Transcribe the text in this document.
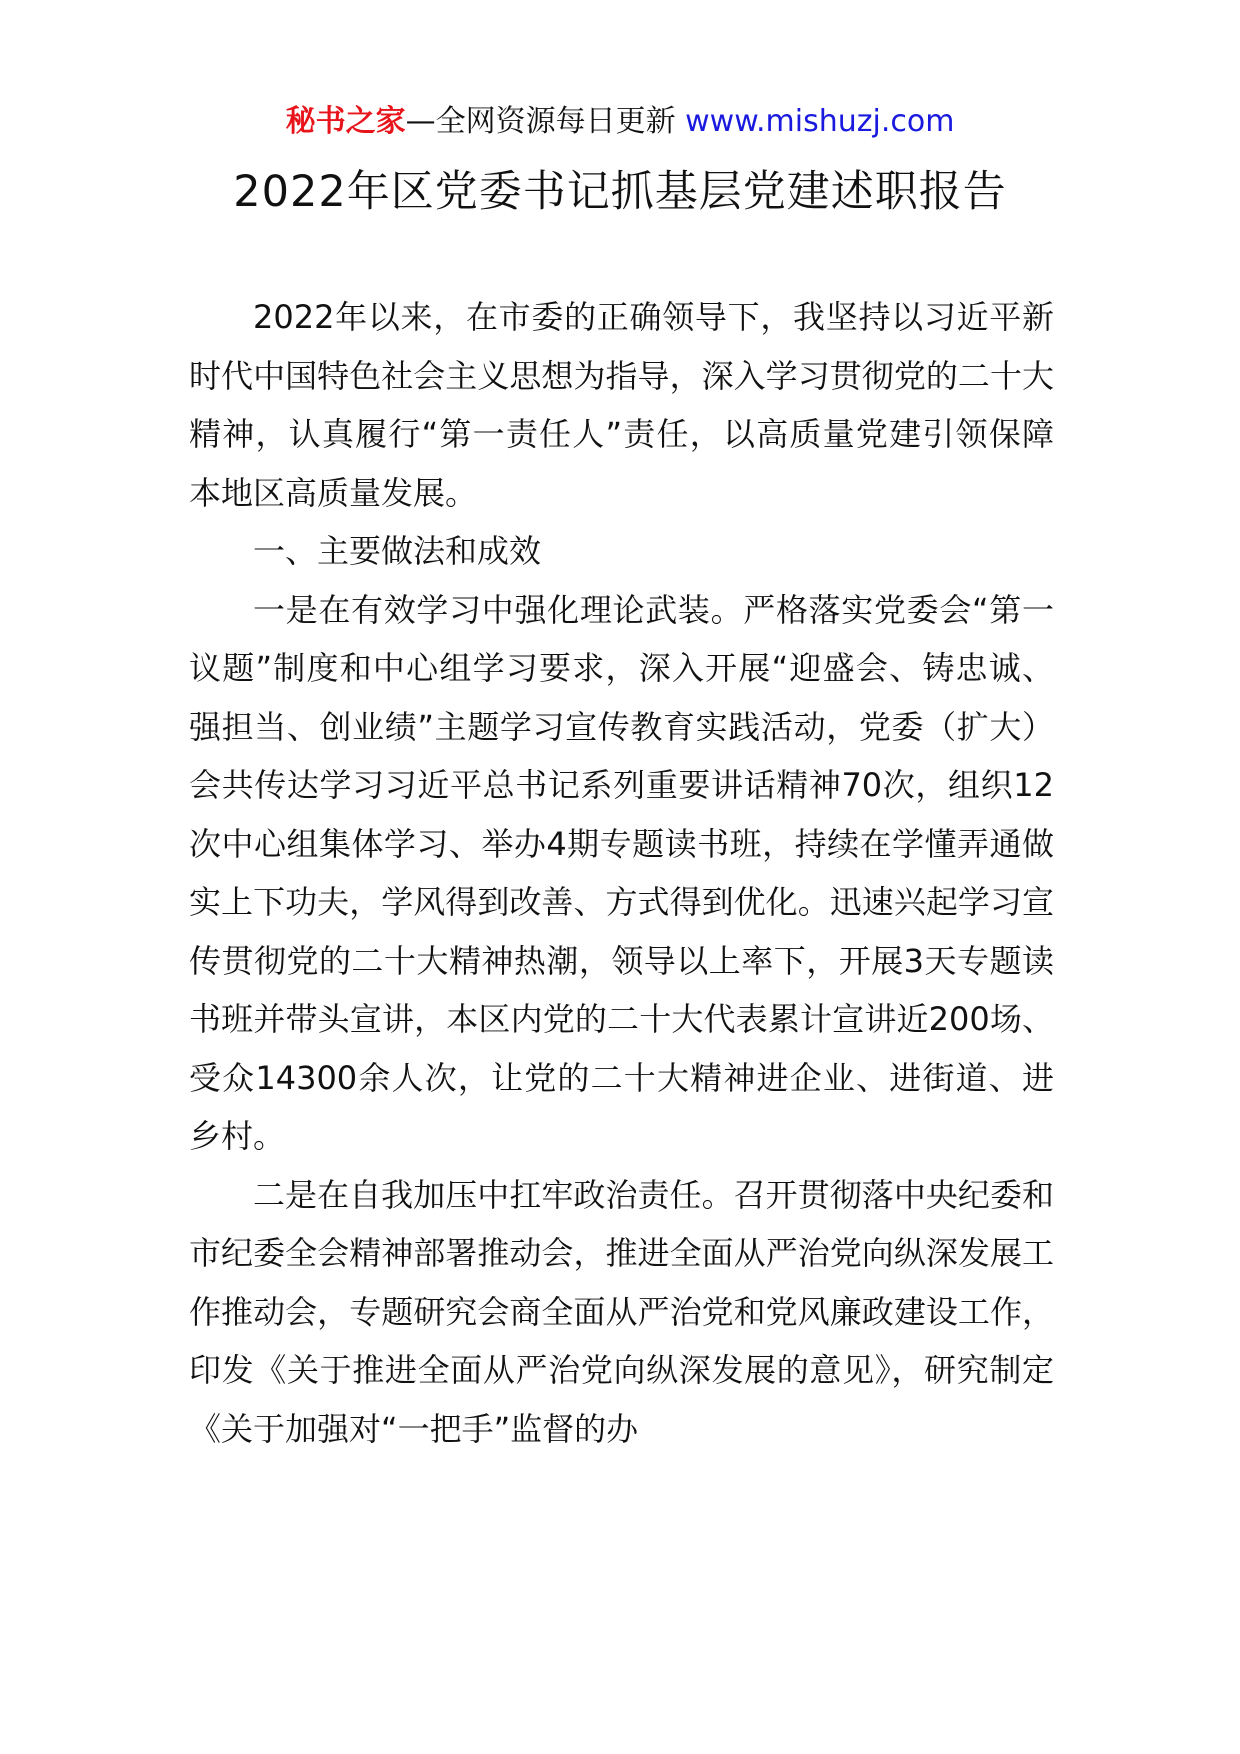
秘书之家—全网资源每日更新 www.mishuzj.com
2022年区党委书记抓基层党建述职报告

2022年以来，在市委的正确领导下，我坚持以习近平新时代中国特色社会主义思想为指导，深入学习贯彻党的二十大精神，认真履行“第一责任人”责任，以高质量党建引领保障本地区高质量发展。

一、主要做法和成效

一是在有效学习中强化理论武装。严格落实党委会“第一议题”制度和中心组学习要求，深入开展“迎盛会、铸忠诚、强担当、创业绩”主题学习宣传教育实践活动，党委（扩大）会共传达学习习近平总书记系列重要讲话精神70次，组织12次中心组集体学习、举办4期专题读书班，持续在学懂弄通做实上下功夫，学风得到改善、方式得到优化。迅速兴起学习宣传贯彻党的二十大精神热潮，领导以上率下，开展3天专题读书班并带头宣讲，本区内党的二十大代表累计宣讲近200场、受众14300余人次，让党的二十大精神进企业、进街道、进乡村。

二是在自我加压中扛牢政治责任。召开贯彻落中央纪委和市纪委全会精神部署推动会，推进全面从严治党向纵深发展工作推动会，专题研究会商全面从严治党和党风廉政建设工作，印发《关于推进全面从严治党向纵深发展的意见》，研究制定《关于加强对“一把手”监督的办
